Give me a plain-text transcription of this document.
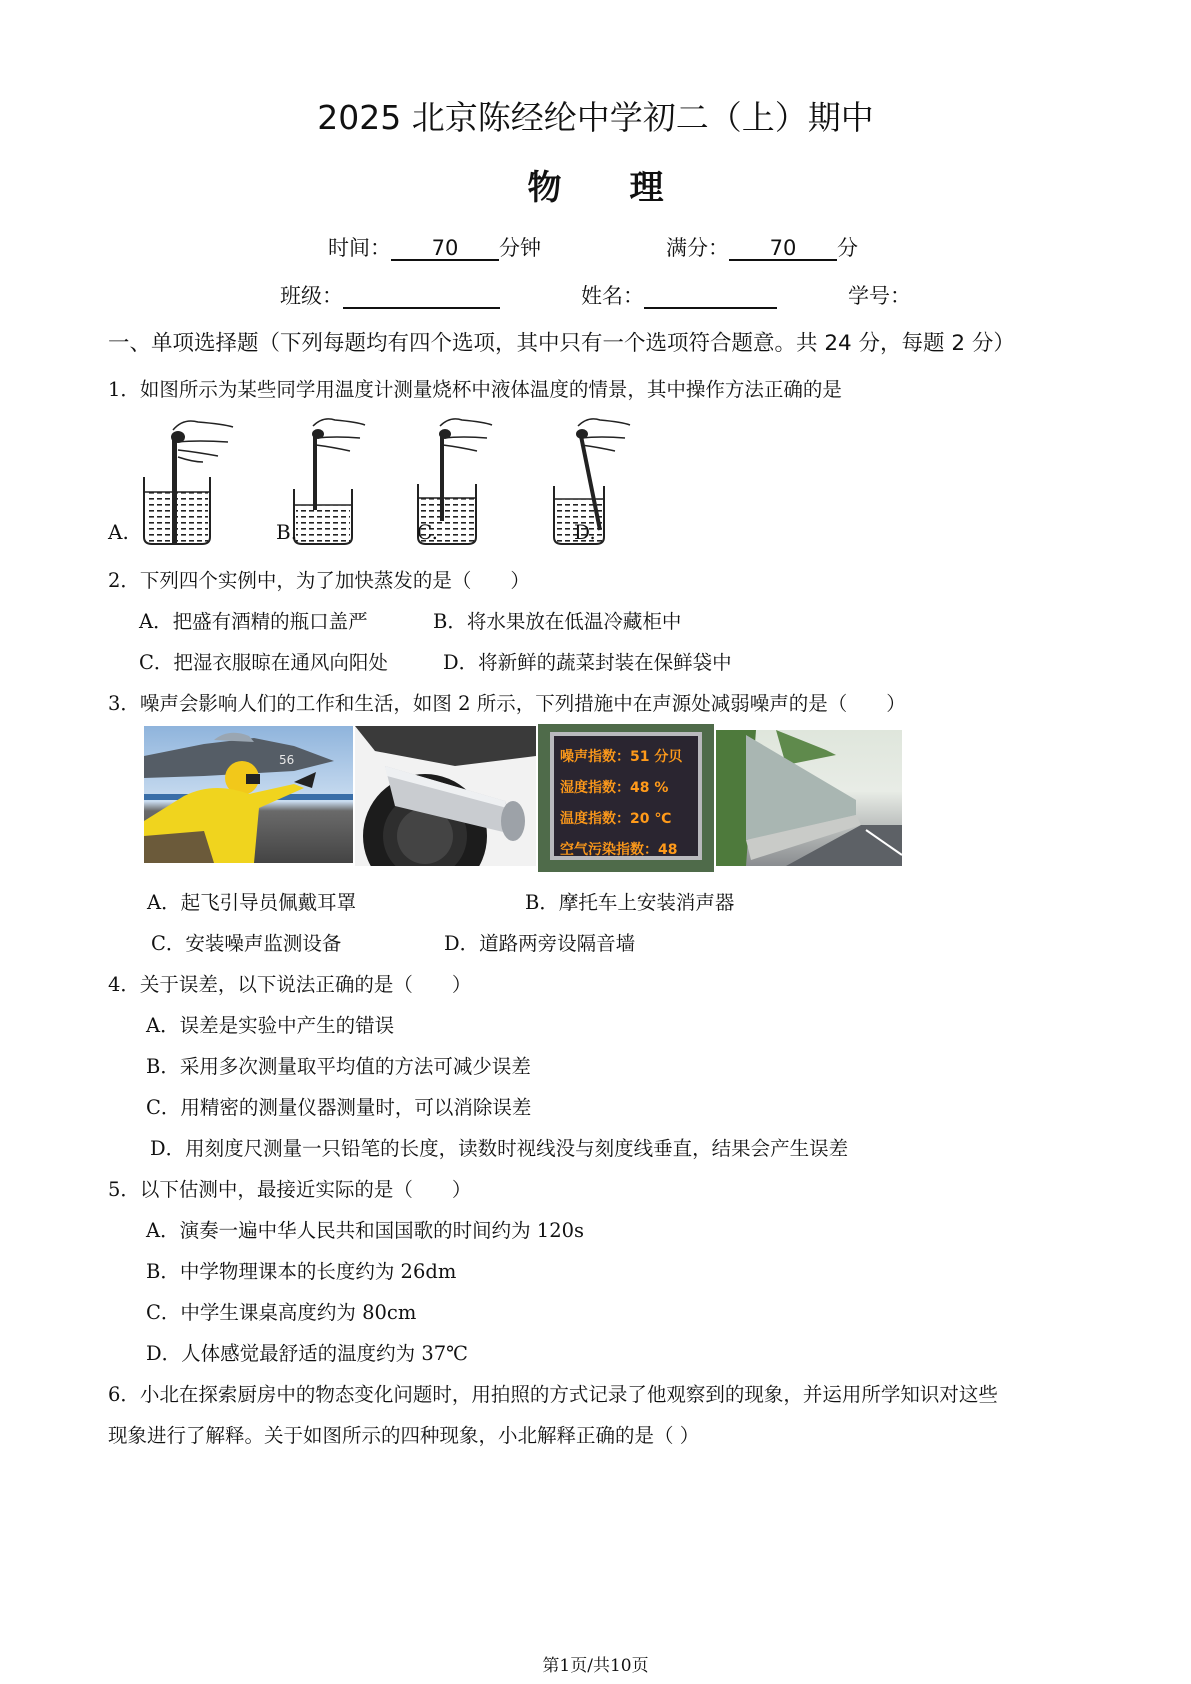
2025 北京陈经纶中学初二（上）期中
物 理
时间： 70 分钟	满分： 70 分
班级：	姓名：	学号：
一、单项选择题（下列每题均有四个选项，其中只有一个选项符合题意。共 24 分，每题 2 分）
1．如图所示为某些同学用温度计测量烧杯中液体温度的情景，其中操作方法正确的是
A.	B.	C.	D.
2．下列四个实例中，为了加快蒸发的是（　　）
A．把盛有酒精的瓶口盖严	B．将水果放在低温冷藏柜中
C．把湿衣服晾在通风向阳处	D．将新鲜的蔬菜封装在保鲜袋中
3．噪声会影响人们的工作和生活，如图 2 所示，下列措施中在声源处减弱噪声的是（　　）
56	噪声指数：51 分贝
湿度指数：48 %
温度指数：20 ℃
空气污染指数：48
A．起飞引导员佩戴耳罩	B．摩托车上安装消声器
C．安装噪声监测设备	D．道路两旁设隔音墙
4．关于误差，以下说法正确的是（　　）
A．误差是实验中产生的错误
B．采用多次测量取平均值的方法可减少误差
C．用精密的测量仪器测量时，可以消除误差
D．用刻度尺测量一只铅笔的长度，读数时视线没与刻度线垂直，结果会产生误差
5．以下估测中，最接近实际的是（　　）
A．演奏一遍中华人民共和国国歌的时间约为 120s
B．中学物理课本的长度约为 26dm
C．中学生课桌高度约为 80cm
D．人体感觉最舒适的温度约为 37℃
6．小北在探索厨房中的物态变化问题时，用拍照的方式记录了他观察到的现象，并运用所学知识对这些
现象进行了解释。关于如图所示的四种现象，小北解释正确的是（ ）
第1页/共10页
